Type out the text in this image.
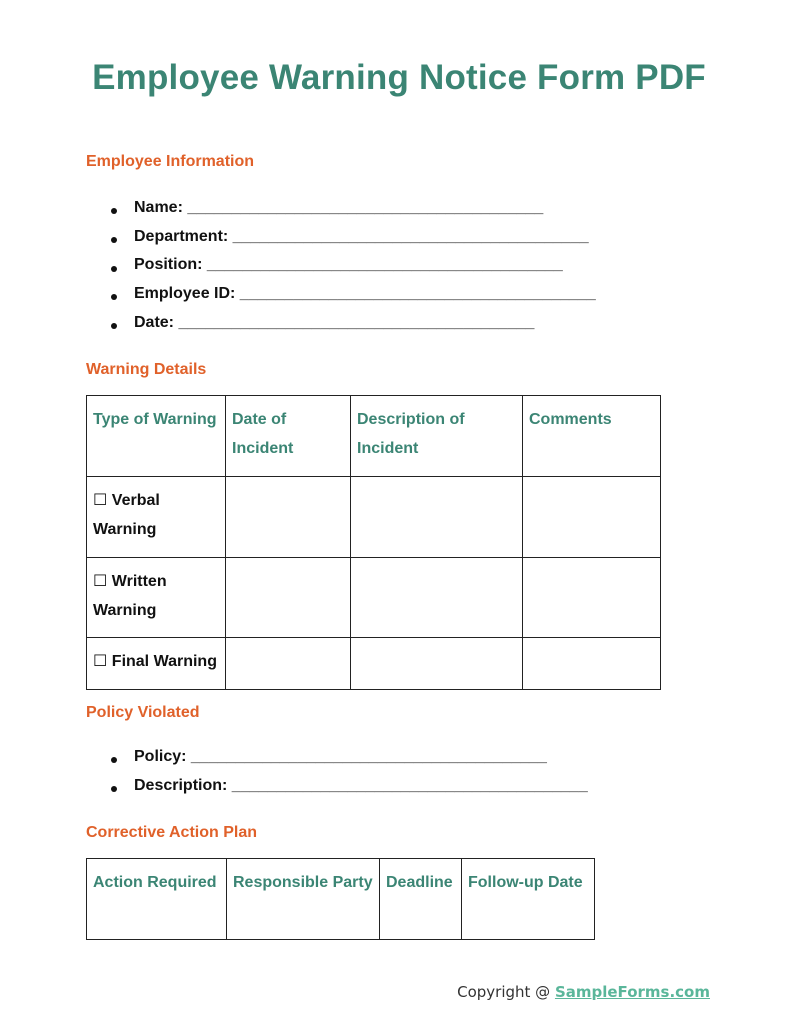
Employee Warning Notice Form PDF
Employee Information
Name: ________________________________________
Department: ________________________________________
Position: ________________________________________
Employee ID: ________________________________________
Date: ________________________________________
Warning Details
Type of Warning	Date of Incident	Description of Incident	Comments
☐ Verbal Warning			
☐ Written Warning			
☐ Final Warning			
Policy Violated
Policy: ________________________________________
Description: ________________________________________
Corrective Action Plan
Action Required	Responsible Party	Deadline	Follow-up Date
Copyright @ SampleForms.com
